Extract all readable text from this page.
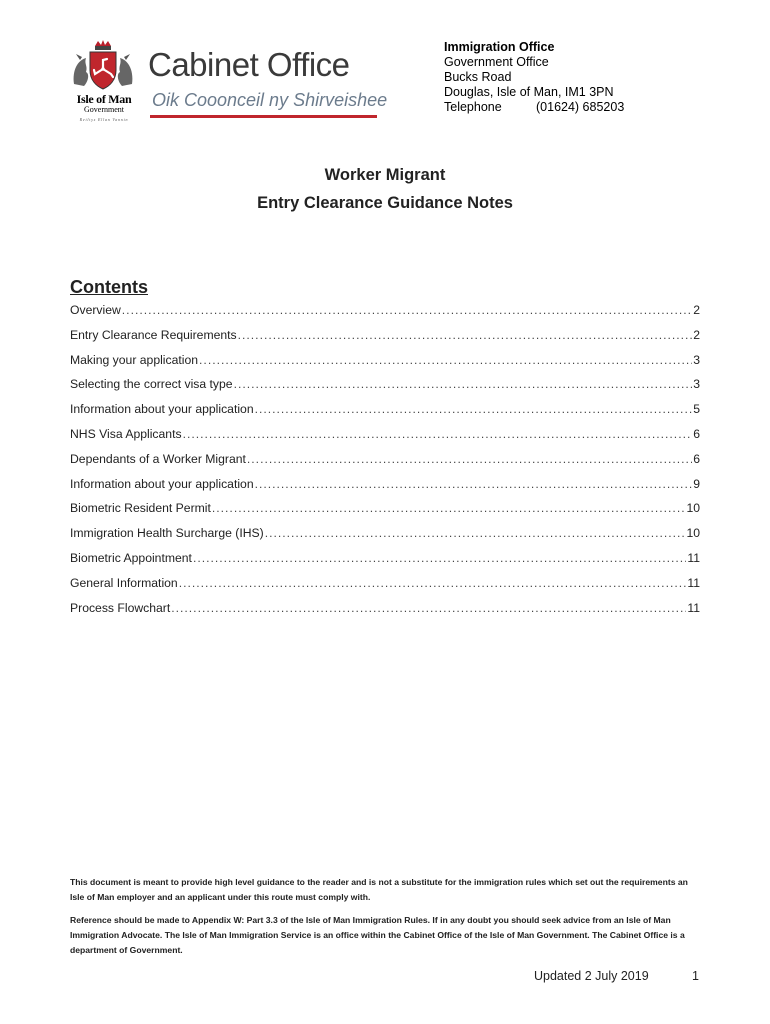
Isle of Man
Government
Reiltys Ellan Vannin
Cabinet Office
Oik Cooonceil ny Shirveishee
Immigration Office
Government Office
Bucks Road
Douglas, Isle of Man, IM1 3PN
Telephone	(01624) 685203
Worker Migrant
Entry Clearance Guidance Notes
Contents
Overview .....	2
Entry Clearance Requirements .....	2
Making your application .....	3
Selecting the correct visa type .....	3
Information about your application .....	5
NHS Visa Applicants .....	6
Dependants of a Worker Migrant .....	6
Information about your application .....	9
Biometric Resident Permit .....	10
Immigration Health Surcharge (IHS) .....	10
Biometric Appointment .....	11
General Information .....	11
Process Flowchart .....	11
This document is meant to provide high level guidance to the reader and is not a substitute for the immigration rules which set out the requirements an Isle of Man employer and an applicant under this route must comply with.
Reference should be made to Appendix W: Part 3.3 of the Isle of Man Immigration Rules. If in any doubt you should seek advice from an Isle of Man Immigration Advocate. The Isle of Man Immigration Service is an office within the Cabinet Office of the Isle of Man Government. The Cabinet Office is a department of Government.
Updated 2 July 2019	1
